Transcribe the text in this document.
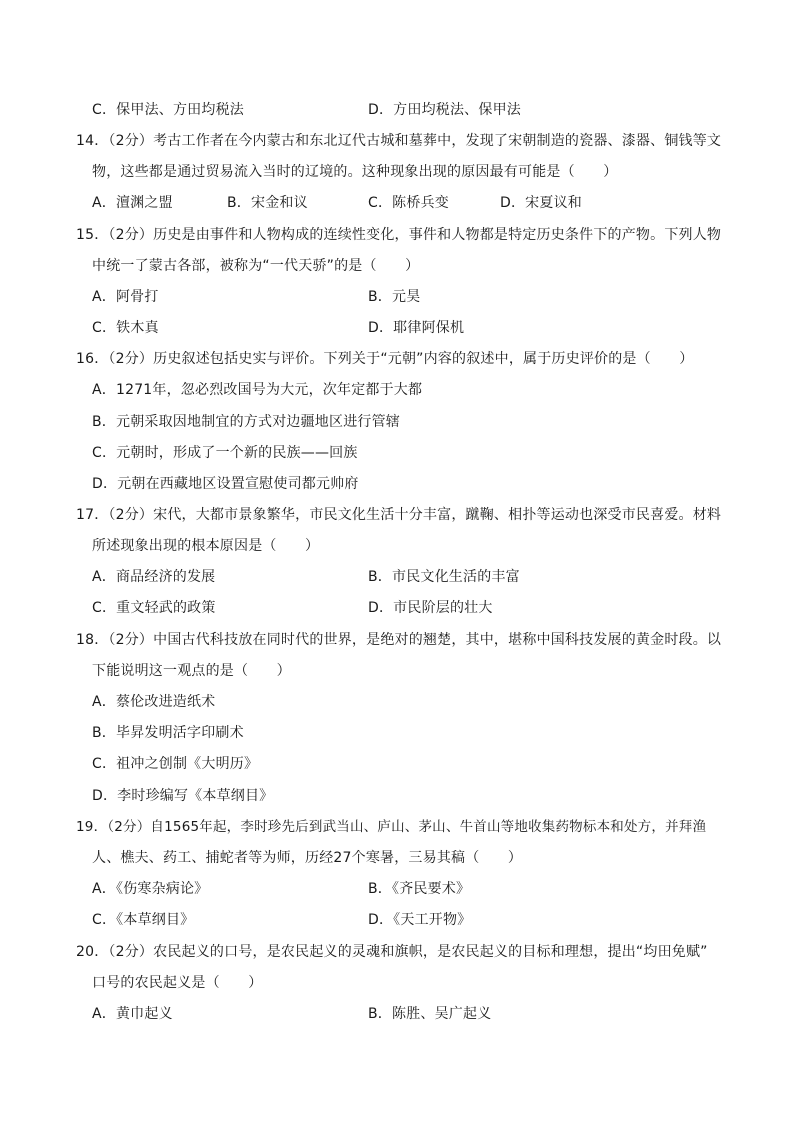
C．保甲法、方田均税法	D．方田均税法、保甲法
14．（2分）考古工作者在今内蒙古和东北辽代古城和墓葬中，发现了宋朝制造的瓷器、漆器、铜钱等文
物，这些都是通过贸易流入当时的辽境的。这种现象出现的原因最有可能是（　　）
A．澶渊之盟	B．宋金和议	C．陈桥兵变	D．宋夏议和
15．（2分）历史是由事件和人物构成的连续性变化，事件和人物都是特定历史条件下的产物。下列人物
中统一了蒙古各部，被称为“一代天骄”的是（　　）
A．阿骨打	B．元昊
C．铁木真	D．耶律阿保机
16．（2分）历史叙述包括史实与评价。下列关于“元朝”内容的叙述中，属于历史评价的是（　　）
A．1271年，忽必烈改国号为大元，次年定都于大都
B．元朝采取因地制宜的方式对边疆地区进行管辖
C．元朝时，形成了一个新的民族——回族
D．元朝在西藏地区设置宣慰使司都元帅府
17．（2分）宋代，大都市景象繁华，市民文化生活十分丰富，蹴鞠、相扑等运动也深受市民喜爱。材料
所述现象出现的根本原因是（　　）
A．商品经济的发展	B．市民文化生活的丰富
C．重文轻武的政策	D．市民阶层的壮大
18．（2分）中国古代科技放在同时代的世界，是绝对的翘楚，其中，堪称中国科技发展的黄金时段。以
下能说明这一观点的是（　　）
A．蔡伦改进造纸术
B．毕昇发明活字印刷术
C．祖冲之创制《大明历》
D．李时珍编写《本草纲目》
19．（2分）自1565年起，李时珍先后到武当山、庐山、茅山、牛首山等地收集药物标本和处方，并拜渔
人、樵夫、药工、捕蛇者等为师，历经27个寒暑，三易其稿（　　）
A．《伤寒杂病论》	B．《齐民要术》
C．《本草纲目》	D．《天工开物》
20．（2分）农民起义的口号，是农民起义的灵魂和旗帜，是农民起义的目标和理想，提出“均田免赋”
口号的农民起义是（　　）
A．黄巾起义	B．陈胜、吴广起义
